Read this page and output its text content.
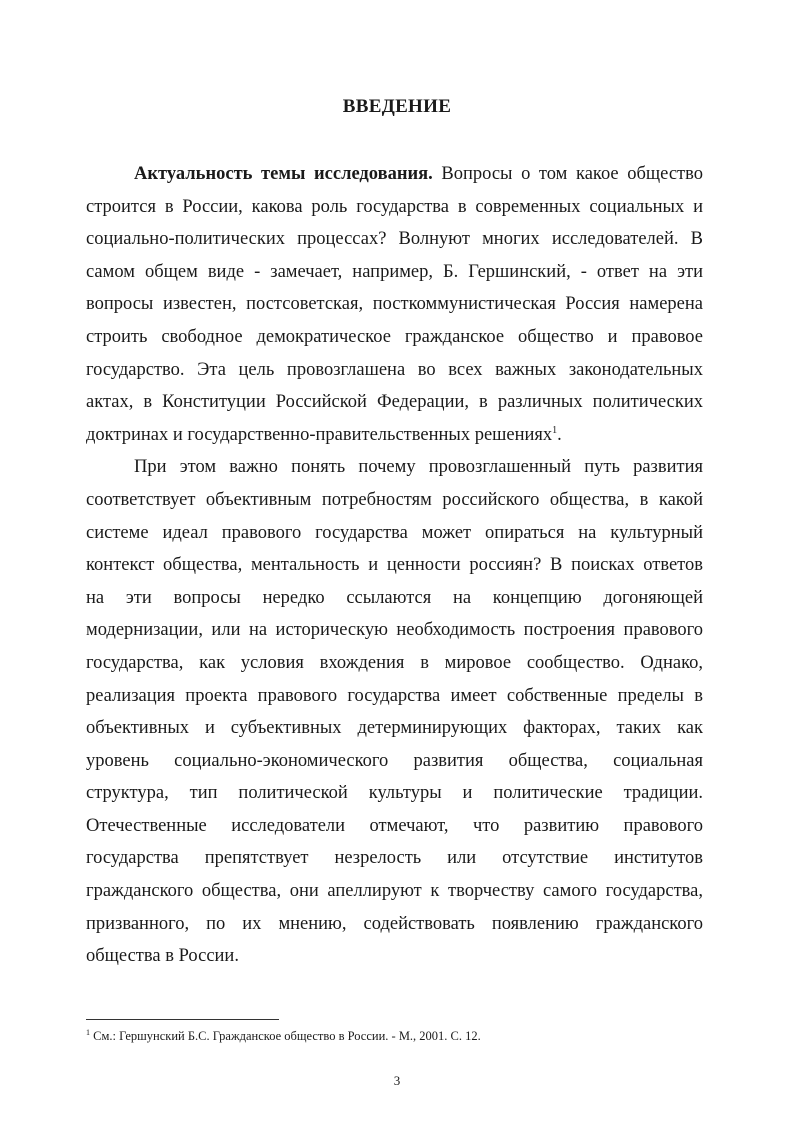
ВВЕДЕНИЕ
Актуальность темы исследования. Вопросы о том какое общество
строится в России, какова роль государства в современных социальных и
социально-политических процессах? Волнуют многих исследователей. В
самом общем виде - замечает, например, Б. Гершинский, - ответ на эти
вопросы известен, постсоветская, посткоммунистическая Россия намерена
строить свободное демократическое гражданское общество и правовое
государство. Эта цель провозглашена во всех важных законодательных
актах, в Конституции Российской Федерации, в различных политических
доктринах и государственно-правительственных решениях$^1$.
При этом важно понять почему провозглашенный путь развития
соответствует объективным потребностям российского общества, в какой
системе идеал правового государства может опираться на культурный
контекст общества, ментальность и ценности россиян? В поисках ответов
на эти вопросы нередко ссылаются на концепцию догоняющей
модернизации, или на историческую необходимость построения правового
государства, как условия вхождения в мировое сообщество. Однако,
реализация проекта правового государства имеет собственные пределы в
объективных и субъективных детерминирующих факторах, таких как
уровень социально-экономического развития общества, социальная
структура, тип политической культуры и политические традиции.
Отечественные исследователи отмечают, что развитию правового
государства препятствует незрелость или отсутствие институтов
гражданского общества, они апеллируют к творчеству самого государства,
призванного, по их мнению, содействовать появлению гражданского
общества в России.

$^1$ См.: Гершунский Б.С. Гражданское общество в России. - М., 2001. С. 12.

3
